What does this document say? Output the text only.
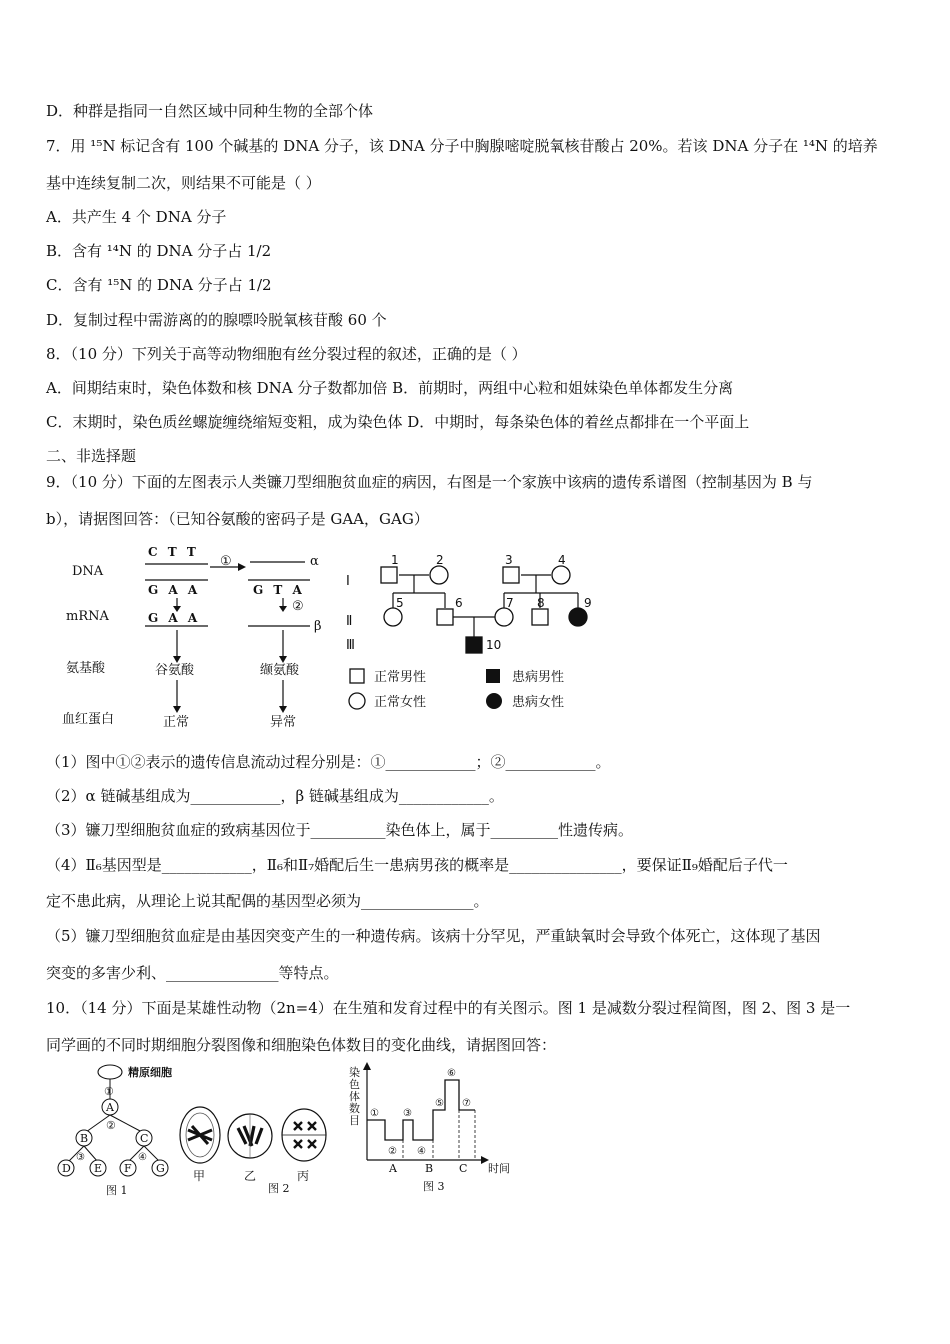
D．种群是指同一自然区域中同种生物的全部个体
7．用 ¹⁵N 标记含有 100 个碱基的 DNA 分子，该 DNA 分子中胸腺嘧啶脱氧核苷酸占 20%。若该 DNA 分子在 ¹⁴N 的培养
基中连续复制二次，则结果不可能是（ ）
A．共产生 4 个 DNA 分子
B．含有 ¹⁴N 的 DNA 分子占 1/2
C．含有 ¹⁵N 的 DNA 分子占 1/2
D．复制过程中需游离的的腺嘌呤脱氧核苷酸 60 个
8．（10 分）下列关于高等动物细胞有丝分裂过程的叙述，正确的是（ ）
A．间期结束时，染色体数和核 DNA 分子数都加倍 B．前期时，两组中心粒和姐妹染色单体都发生分离
C．末期时，染色质丝螺旋缠绕缩短变粗，成为染色体 D．中期时，每条染色体的着丝点都排在一个平面上
二、非选择题
9．（10 分）下面的左图表示人类镰刀型细胞贫血症的病因，右图是一个家族中该病的遗传系谱图（控制基因为 B 与
b），请据图回答：（已知谷氨酸的密码子是 GAA，GAG）
DNA
mRNA
氨基酸
血红蛋白
C T T
G A A
G A A
谷氨酸
正常
①	α
G T A
②
β
缬氨酸
异常
Ⅰ
Ⅱ
Ⅲ
1	2	3	4
5	6	7 8	9
10
正常男性	患病男性
正常女性	患病女性
（1）图中①②表示的遗传信息流动过程分别是：①____________；②____________。
（2）α 链碱基组成为____________，β 链碱基组成为____________。
（3）镰刀型细胞贫血症的致病基因位于__________染色体上，属于_________性遗传病。
（4）Ⅱ₆基因型是____________，Ⅱ₆和Ⅱ₇婚配后生一患病男孩的概率是_______________，要保证Ⅱ₉婚配后子代一
定不患此病，从理论上说其配偶的基因型必须为_______________。
（5）镰刀型细胞贫血症是由基因突变产生的一种遗传病。该病十分罕见，严重缺氧时会导致个体死亡，这体现了基因
突变的多害少利、_______________等特点。
10．（14 分）下面是某雄性动物（2n=4）在生殖和发育过程中的有关图示。图 1 是减数分裂过程简图，图 2、图 3 是一
同学画的不同时期细胞分裂图像和细胞染色体数目的变化曲线，请据图回答：
精原细胞
①
A
②
B	C
③	④
D E F G
图 1
甲	乙	丙
图 2
染
色
体
数
目
①
②
③
④
⑤
⑥
⑦
A	B C 时间
图 3
